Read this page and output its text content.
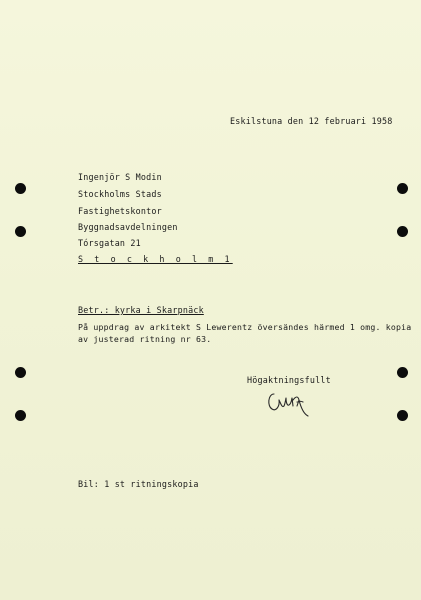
Eskilstuna den 12 februari 1958
Ingenjör S Modin
Stockholms Stads
Fastighetskontor
Byggnadsavdelningen
Tórsgatan 21
S t o c k h o l m 1
Betr.: kyrka i Skarpnäck
På uppdrag av arkitekt S Lewerentz översändes härmed 1 omg. kopia
av justerad ritning nr 63.
Högaktningsfullt
Bil: 1 st ritningskopia
